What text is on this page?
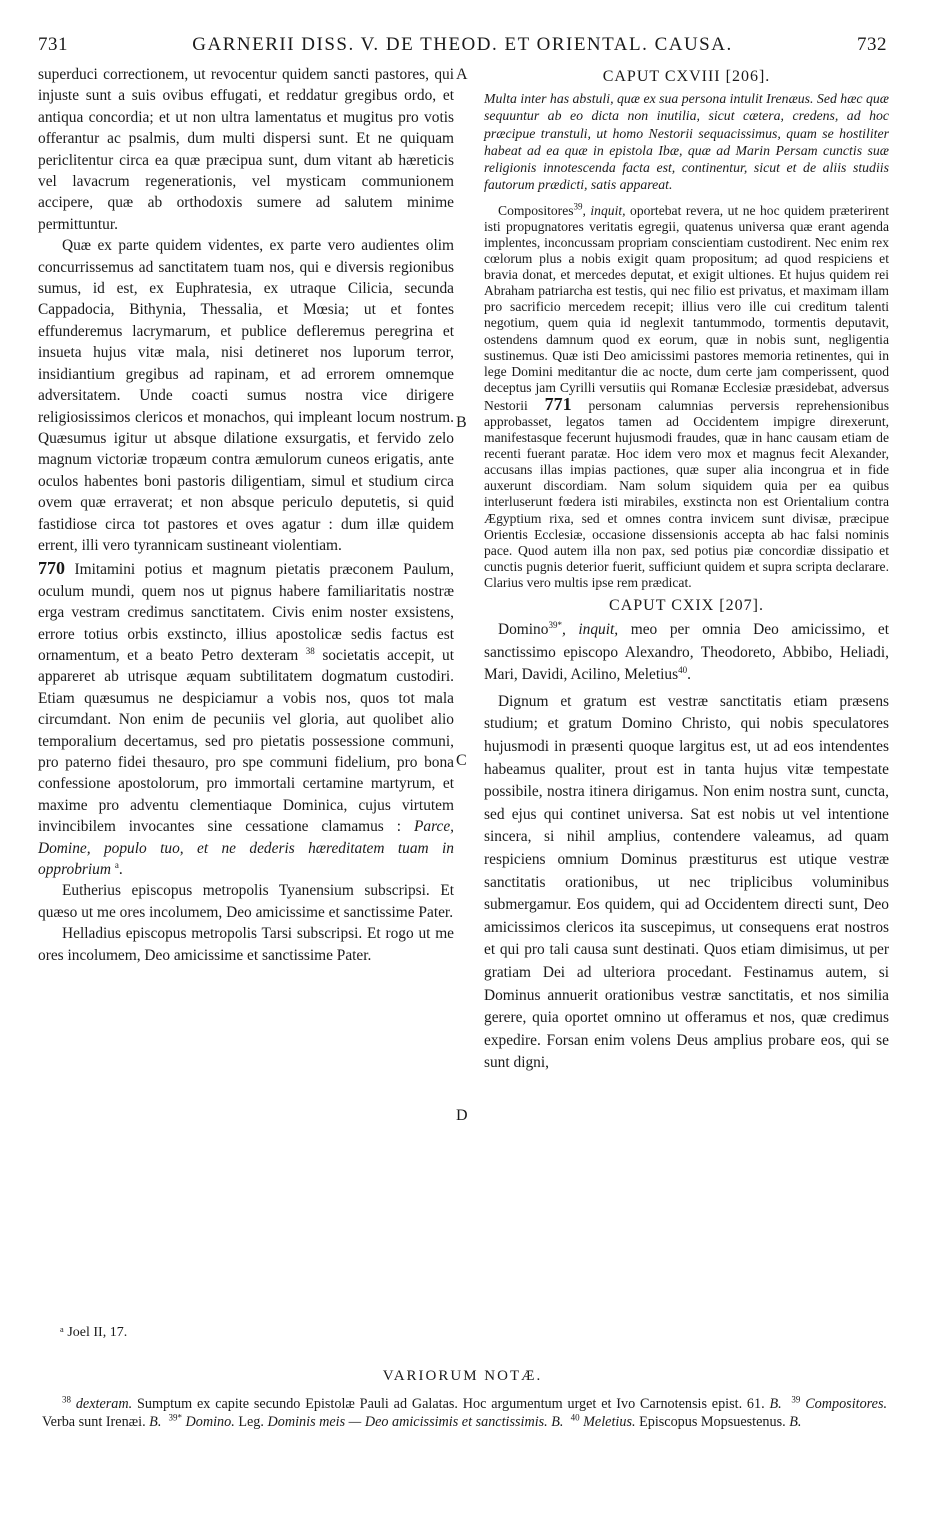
731	GARNERII DISS. V. DE THEOD. ET ORIENTAL. CAUSA.	732
A
B
C
D

superduci correctionem, ut revocentur quidem sancti pastores, qui injuste sunt a suis ovibus effugati, et reddatur gregibus ordo, et antiqua concordia; et ut non ultra lamentatus et mugitus pro votis offerantur ac psalmis, dum multi dispersi sunt. Et ne quiquam periclitentur circa ea quæ præcipua sunt, dum vitant ab hæreticis vel lavacrum regenerationis, vel mysticam communionem accipere, quæ ab orthodoxis sumere ad salutem minime permittuntur.

Quæ ex parte quidem videntes, ex parte vero audientes olim concurrissemus ad sanctitatem tuam nos, qui e diversis regionibus sumus, id est, ex Euphratesia, ex utraque Cilicia, secunda Cappadocia, Bithynia, Thessalia, et Mœsia; ut et fontes effunderemus lacrymarum, et publice defleremus peregrina et insueta hujus vitæ mala, nisi detineret nos luporum terror, insidiantium gregibus ad rapinam, et ad errorem omnemque adversitatem. Unde coacti sumus nostra vice dirigere religiosissimos clericos et monachos, qui impleant locum nostrum. Quæsumus igitur ut absque dilatione exsurgatis, et fervido zelo magnum victoriæ tropæum contra æmulorum cuneos erigatis, ante oculos habentes boni pastoris diligentiam, simul et studium circa ovem quæ erraverat; et non absque periculo deputetis, si quid fastidiose circa tot pastores et oves agatur : dum illæ quidem errent, illi vero tyrannicam sustineant violentiam.

770 Imitamini potius et magnum pietatis præconem Paulum, oculum mundi, quem nos ut pignus habere familiaritatis nostræ erga vestram credimus sanctitatem. Civis enim noster exsistens, errore totius orbis exstincto, illius apostolicæ sedis factus est ornamentum, et a beato Petro dexteram $^{38}$ societatis accepit, ut appareret ab utrisque æquam subtilitatem dogmatum custodiri. Etiam quæsumus ne despiciamur a vobis nos, quos tot mala circumdant. Non enim de pecuniis vel gloria, aut quolibet alio temporalium decertamus, sed pro pietatis possessione communi, pro paterno fidei thesauro, pro spe communi fidelium, pro bona confessione apostolorum, pro immortali certamine martyrum, et maxime pro adventu clementiaque Dominica, cujus virtutem invincibilem invocantes sine cessatione clamamus : Parce, Domine, populo tuo, et ne dederis hæreditatem tuam in opprobrium $^a$.

Eutherius episcopus metropolis Tyanensium subscripsi. Et quæso ut me ores incolumem, Deo amicissime et sanctissime Pater.

Helladius episcopus metropolis Tarsi subscripsi. Et rogo ut me ores incolumem, Deo amicissime et sanctissime Pater.

ᵃ Joel II, 17.
CAPUT CXVIII [206].

Multa inter has abstuli, quæ ex sua persona intulit Irenæus. Sed hæc quæ sequuntur ab eo dicta non inutilia, sicut cætera, credens, ad hoc præcipue transtuli, ut homo Nestorii sequacissimus, quam se hostiliter habeat ad ea quæ in epistola Ibæ, quæ ad Marin Persam cunctis suæ religionis innotescenda facta est, continentur, sicut et de aliis studiis fautorum prædicti, satis appareat.

Compositores$^{39}$, inquit, oportebat revera, ut ne hoc quidem præterirent isti propugnatores veritatis egregii, quatenus universa quæ erant agenda implentes, inconcussam propriam conscientiam custodirent. Nec enim rex cœlorum plus a nobis exigit quam propositum; ad quod respiciens et bravia donat, et mercedes deputat, et exigit ultiones. Et hujus quidem rei Abraham patriarcha est testis, qui nec filio est privatus, et maximam illam pro sacrificio mercedem recepit; illius vero ille cui creditum talenti negotium, quem quia id neglexit tantummodo, tormentis deputavit, ostendens damnum quod ex eorum, quæ in nobis sunt, negligentia sustinemus. Quæ isti Deo amicissimi pastores memoria retinentes, qui in lege Domini meditantur die ac nocte, dum certe jam comperissent, quod deceptus jam Cyrilli versutiis qui Romanæ Ecclesiæ præsidebat, adversus Nestorii 771 personam calumnias perversis reprehensionibus approbasset, legatos tamen ad Occidentem impigre direxerunt, manifestasque fecerunt hujusmodi fraudes, quæ in hanc causam etiam de recenti fuerant paratæ. Hoc idem vero mox et magnus fecit Alexander, accusans illas impias pactiones, quæ super alia incongrua et in fide auxerunt discordiam. Nam solum siquidem quia per ea quibus interluserunt fœdera isti mirabiles, exstincta non est Orientalium contra Ægyptium rixa, sed et omnes contra invicem sunt divisæ, præcipue Orientis Ecclesiæ, occasione dissensionis accepta ab hac falsi nominis pace. Quod autem illa non pax, sed potius piæ concordiæ dissipatio et cunctis pugnis deterior fuerit, sufficiunt quidem et supra scripta declarare. Clarius vero multis ipse rem prædicat.

CAPUT CXIX [207].

Domino$^{39*}$, inquit, meo per omnia Deo amicissimo, et sanctissimo episcopo Alexandro, Theodoreto, Abbibo, Heliadi, Mari, Davidi, Acilino, Meletius$^{40}$.

Dignum et gratum est vestræ sanctitatis etiam præsens studium; et gratum Domino Christo, qui nobis speculatores hujusmodi in præsenti quoque largitus est, ut ad eos intendentes habeamus qualiter, prout est in tanta hujus vitæ tempestate possibile, nostra itinera dirigamus. Non enim nostra sunt, cuncta, sed ejus qui continet universa. Sat est nobis ut vel intentione sincera, si nihil amplius, contendere valeamus, ad quam respiciens omnium Dominus præstiturus est utique vestræ sanctitatis orationibus, ut nec triplicibus voluminibus submergamur. Eos quidem, qui ad Occidentem directi sunt, Deo amicissimos clericos ita suscepimus, ut consequens erat nostros et qui pro tali causa sunt destinati. Quos etiam dimisimus, ut per gratiam Dei ad ulteriora procedant. Festinamus autem, si Dominus annuerit orationibus vestræ sanctitatis, et nos similia gerere, quia oportet omnino ut offeramus et nos, quæ credimus expedire. Forsan enim volens Deus amplius probare eos, qui se sunt digni,

VARIORUM NOTÆ.
$^{38}$ dexteram. Sumptum ex capite secundo Epistolæ Pauli ad Galatas. Hoc argumentum urget et Ivo Carnotensis epist. 61. B. $^{39}$ Compositores. Verba sunt Irenæi. B. $^{39*}$ Domino. Leg. Dominis meis — Deo amicissimis et sanctissimis. B. $^{40}$ Meletius. Episcopus Mopsuestenus. B.
